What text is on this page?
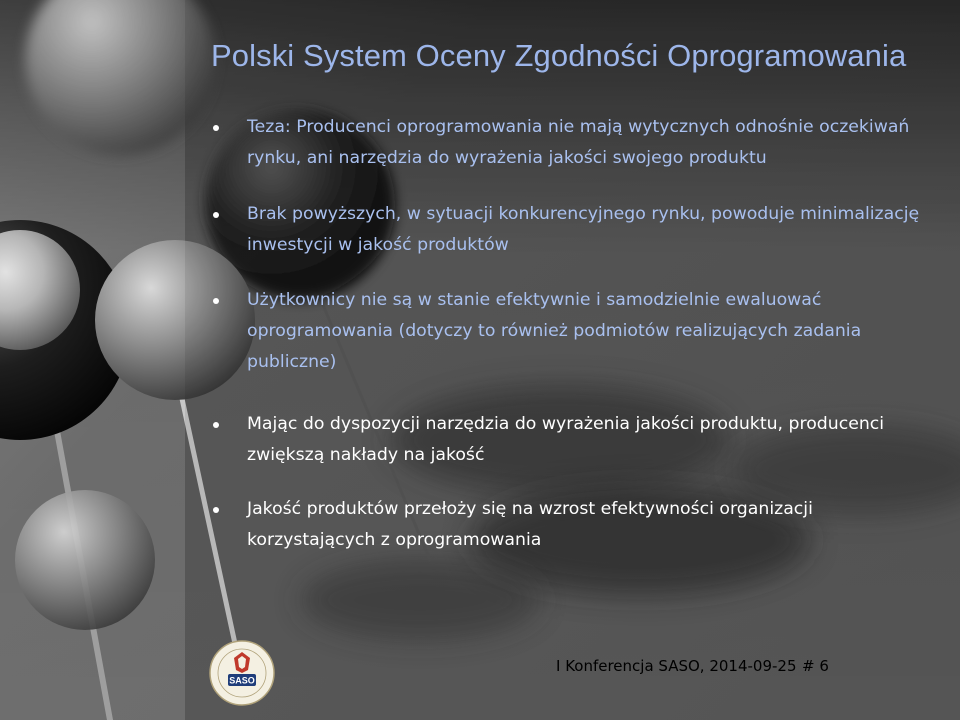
Polski System Oceny Zgodności Oprogramowania
Teza: Producenci oprogramowania nie mają wytycznych odnośnie oczekiwań rynku, ani narzędzia do wyrażenia jakości swojego produktu
Brak powyższych, w sytuacji konkurencyjnego rynku, powoduje minimalizację inwestycji w jakość produktów
Użytkownicy nie są w stanie efektywnie i samodzielnie ewaluować oprogramowania (dotyczy to również podmiotów realizujących zadania publiczne)
Mając do dyspozycji narzędzia do wyrażenia jakości produktu, producenci zwiększą nakłady na jakość
Jakość produktów przełoży się na wzrost efektywności organizacji korzystających z oprogramowania
SASO
I Konferencja SASO, 2014-09-25 # 6
